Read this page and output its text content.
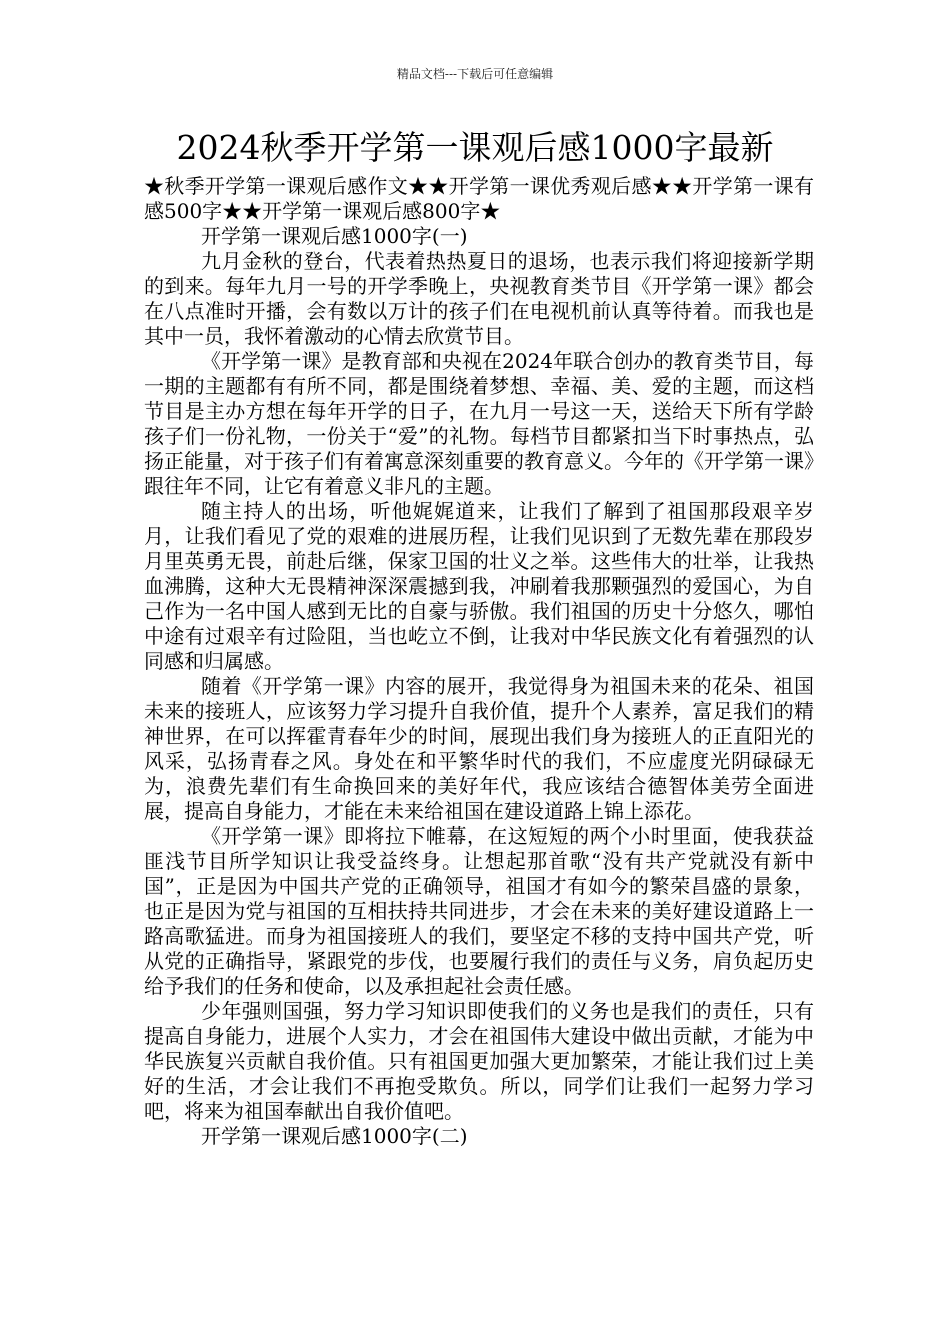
精品文档---下载后可任意编辑
2024秋季开学第一课观后感1000字最新

★秋季开学第一课观后感作文★★开学第一课优秀观后感★★开学第一课有感500字★★开学第一课观后感800字★

开学第一课观后感1000字(一)

九月金秋的登台，代表着热热夏日的退场，也表示我们将迎接新学期的到来。每年九月一号的开学季晚上，央视教育类节目《开学第一课》都会在八点准时开播，会有数以万计的孩子们在电视机前认真等待着。而我也是其中一员，我怀着激动的心情去欣赏节目。

《开学第一课》是教育部和央视在2024年联合创办的教育类节目，每一期的主题都有有所不同，都是围绕着梦想、幸福、美、爱的主题，而这档节目是主办方想在每年开学的日子，在九月一号这一天，送给天下所有学龄孩子们一份礼物，一份关于“爱”的礼物。每档节目都紧扣当下时事热点，弘扬正能量，对于孩子们有着寓意深刻重要的教育意义。今年的《开学第一课》跟往年不同，让它有着意义非凡的主题。

随主持人的出场，听他娓娓道来，让我们了解到了祖国那段艰辛岁月，让我们看见了党的艰难的进展历程，让我们见识到了无数先辈在那段岁月里英勇无畏，前赴后继，保家卫国的壮义之举。这些伟大的壮举，让我热血沸腾，这种大无畏精神深深震撼到我，冲刷着我那颗强烈的爱国心，为自己作为一名中国人感到无比的自豪与骄傲。我们祖国的历史十分悠久，哪怕中途有过艰辛有过险阻，当也屹立不倒，让我对中华民族文化有着强烈的认同感和归属感。

随着《开学第一课》内容的展开，我觉得身为祖国未来的花朵、祖国未来的接班人，应该努力学习提升自我价值，提升个人素养，富足我们的精神世界，在可以挥霍青春年少的时间，展现出我们身为接班人的正直阳光的风采，弘扬青春之风。身处在和平繁华时代的我们，不应虚度光阴碌碌无为，浪费先辈们有生命换回来的美好年代，我应该结合德智体美劳全面进展，提高自身能力，才能在未来给祖国在建设道路上锦上添花。

《开学第一课》即将拉下帷幕，在这短短的两个小时里面，使我获益匪浅节目所学知识让我受益终身。让想起那首歌“没有共产党就没有新中国”，正是因为中国共产党的正确领导，祖国才有如今的繁荣昌盛的景象，也正是因为党与祖国的互相扶持共同进步，才会在未来的美好建设道路上一路高歌猛进。而身为祖国接班人的我们，要坚定不移的支持中国共产党，听从党的正确指导，紧跟党的步伐，也要履行我们的责任与义务，肩负起历史给予我们的任务和使命，以及承担起社会责任感。

少年强则国强，努力学习知识即使我们的义务也是我们的责任，只有提高自身能力，进展个人实力，才会在祖国伟大建设中做出贡献，才能为中华民族复兴贡献自我价值。只有祖国更加强大更加繁荣，才能让我们过上美好的生活，才会让我们不再抱受欺负。所以，同学们让我们一起努力学习吧，将来为祖国奉献出自我价值吧。

开学第一课观后感1000字(二)
